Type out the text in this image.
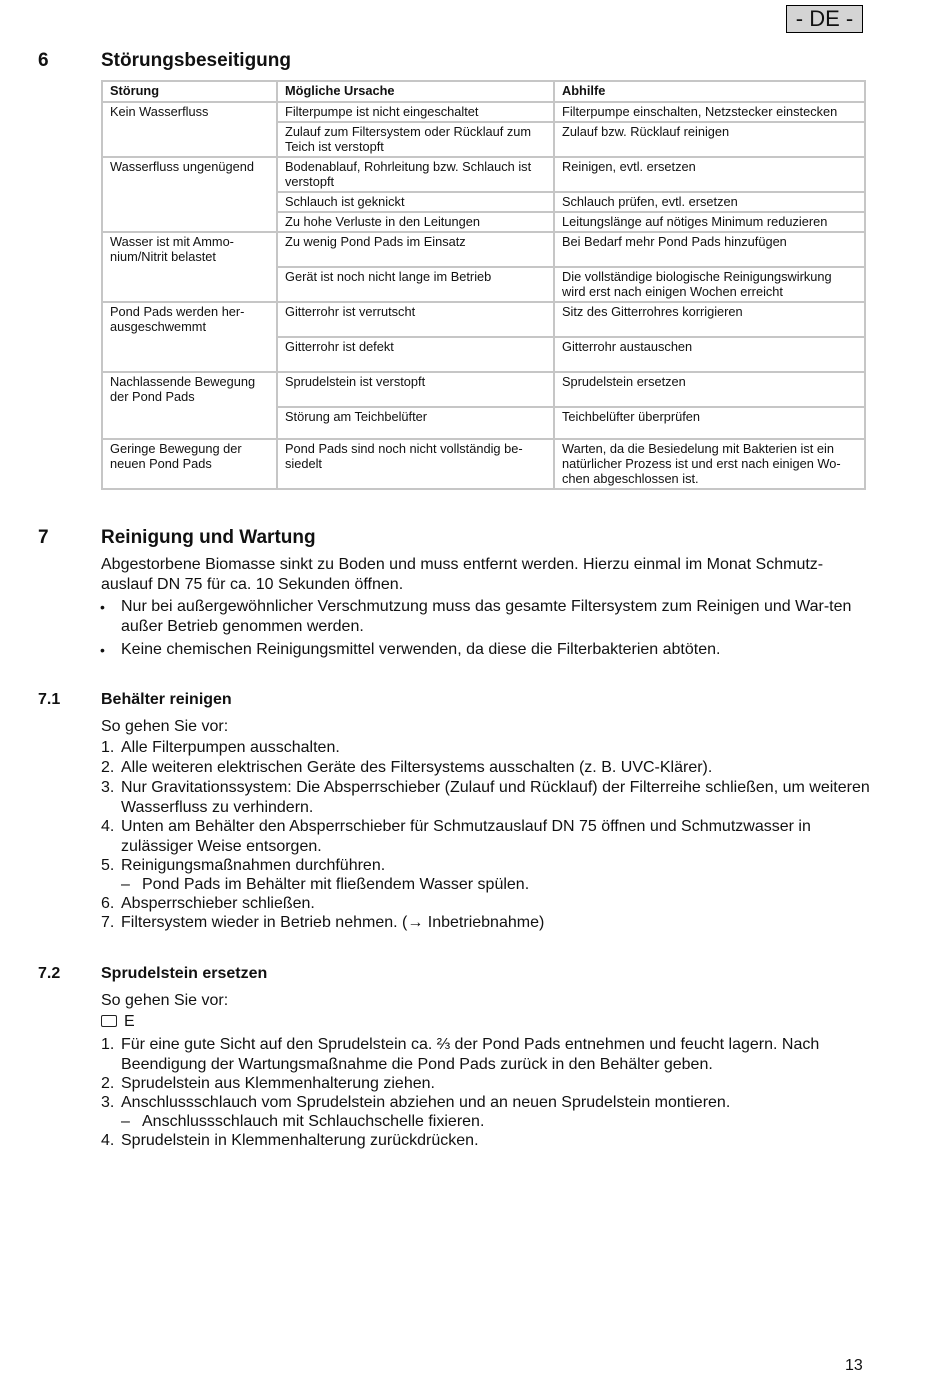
- DE -
6	Störungsbeseitigung
Störung	Mögliche Ursache	Abhilfe
Kein Wasserfluss	Filterpumpe ist nicht eingeschaltet	Filterpumpe einschalten, Netzstecker einstecken
	Zulauf zum Filtersystem oder Rücklauf zum Teich ist verstopft	Zulauf bzw. Rücklauf reinigen
Wasserfluss ungenügend	Bodenablauf, Rohrleitung bzw. Schlauch ist verstopft	Reinigen, evtl. ersetzen
	Schlauch ist geknickt	Schlauch prüfen, evtl. ersetzen
	Zu hohe Verluste in den Leitungen	Leitungslänge auf nötiges Minimum reduzieren
Wasser ist mit Ammo-nium/Nitrit belastet	Zu wenig Pond Pads im Einsatz	Bei Bedarf mehr Pond Pads hinzufügen
	Gerät ist noch nicht lange im Betrieb	Die vollständige biologische Reinigungswirkung wird erst nach einigen Wochen erreicht
Pond Pads werden her-ausgeschwemmt	Gitterrohr ist verrutscht	Sitz des Gitterrohres korrigieren
	Gitterrohr ist defekt	Gitterrohr austauschen
Nachlassende Bewegung der Pond Pads	Sprudelstein ist verstopft	Sprudelstein ersetzen
	Störung am Teichbelüfter	Teichbelüfter überprüfen
Geringe Bewegung der neuen Pond Pads	Pond Pads sind noch nicht vollständig be-siedelt	Warten, da die Besiedelung mit Bakterien ist ein natürlicher Prozess ist und erst nach einigen Wo-chen abgeschlossen ist.
7	Reinigung und Wartung
Abgestorbene Biomasse sinkt zu Boden und muss entfernt werden. Hierzu einmal im Monat Schmutz-auslauf DN 75 für ca. 10 Sekunden öffnen.
• Nur bei außergewöhnlicher Verschmutzung muss das gesamte Filtersystem zum Reinigen und War-ten außer Betrieb genommen werden.
• Keine chemischen Reinigungsmittel verwenden, da diese die Filterbakterien abtöten.
7.1	Behälter reinigen
So gehen Sie vor:
1. Alle Filterpumpen ausschalten.
2. Alle weiteren elektrischen Geräte des Filtersystems ausschalten (z. B. UVC-Klärer).
3. Nur Gravitationssystem: Die Absperrschieber (Zulauf und Rücklauf) der Filterreihe schließen, um weiteren Wasserfluss zu verhindern.
4. Unten am Behälter den Absperrschieber für Schmutzauslauf DN 75 öffnen und Schmutzwasser in zulässiger Weise entsorgen.
5. Reinigungsmaßnahmen durchführen.
– Pond Pads im Behälter mit fließendem Wasser spülen.
6. Absperrschieber schließen.
7. Filtersystem wieder in Betrieb nehmen. (→ Inbetriebnahme)
7.2	Sprudelstein ersetzen
So gehen Sie vor:
E
1. Für eine gute Sicht auf den Sprudelstein ca. ⅔ der Pond Pads entnehmen und feucht lagern. Nach Beendigung der Wartungsmaßnahme die Pond Pads zurück in den Behälter geben.
2. Sprudelstein aus Klemmenhalterung ziehen.
3. Anschlussschlauch vom Sprudelstein abziehen und an neuen Sprudelstein montieren.
– Anschlussschlauch mit Schlauchschelle fixieren.
4. Sprudelstein in Klemmenhalterung zurückdrücken.
13
